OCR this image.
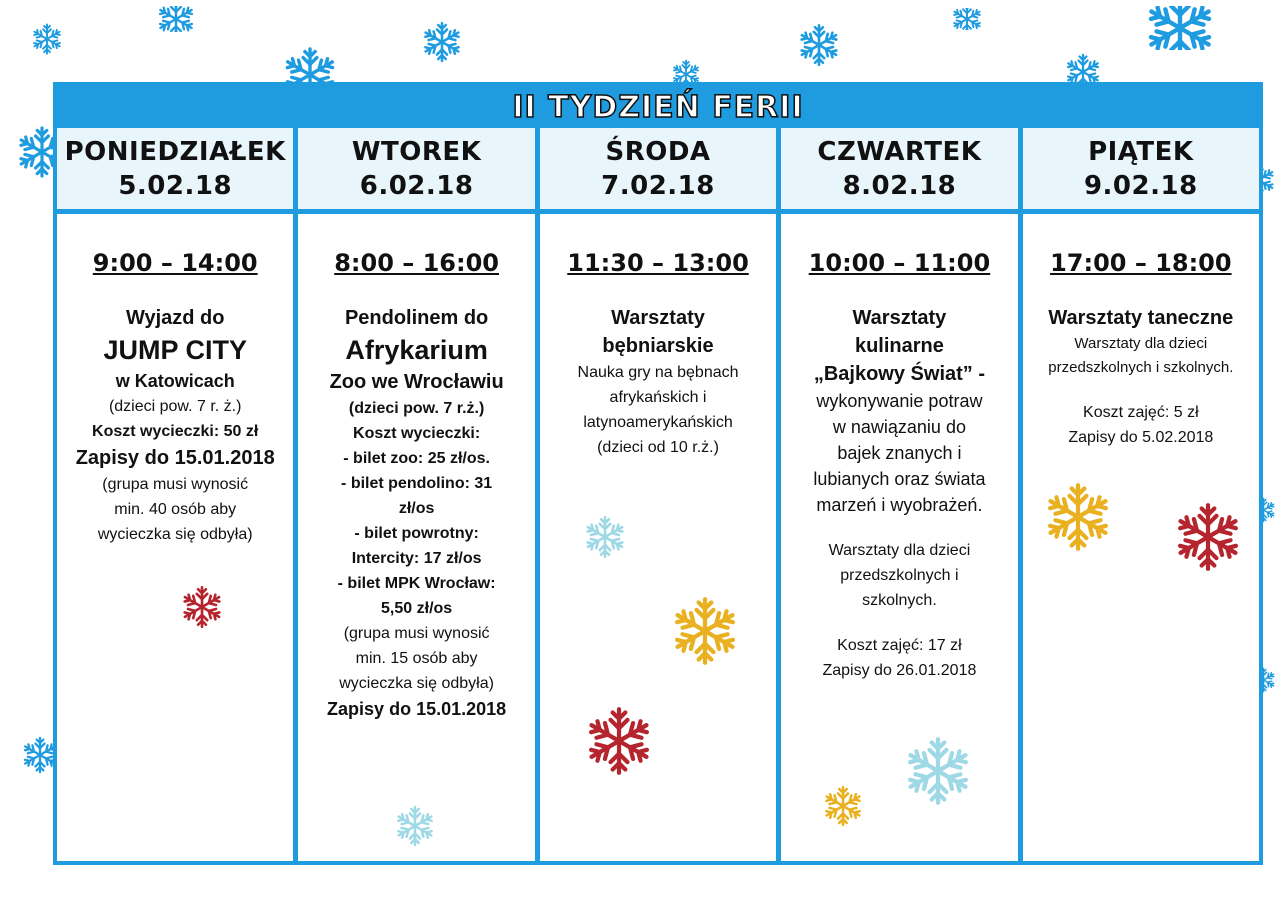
II TYDZIEŃ FERII
PONIEDZIAŁEK
5.02.18
9:00 – 14:00

Wyjazd do

JUMP CITY

w Katowicach

(dzieci pow. 7 r. ż.)

Koszt wycieczki: 50 zł

Zapisy do 15.01.2018

(grupa musi wynosić

min. 40 osób aby

wycieczka się odbyła)

WTOREK
6.02.18
8:00 – 16:00

Pendolinem do

Afrykarium

Zoo we Wrocławiu

(dzieci pow. 7 r.ż.)

Koszt wycieczki:

- bilet zoo: 25 zł/os.

- bilet pendolino: 31

zł/os

- bilet powrotny:

Intercity: 17 zł/os

- bilet MPK Wrocław:

5,50 zł/os

(grupa musi wynosić

min. 15 osób aby

wycieczka się odbyła)

Zapisy do 15.01.2018

ŚRODA
7.02.18
11:30 – 13:00

Warsztaty

bębniarskie

Nauka gry na bębnach

afrykańskich i

latynoamerykańskich

(dzieci od 10 r.ż.)

CZWARTEK
8.02.18
10:00 – 11:00

Warsztaty

kulinarne

„Bajkowy Świat” -

wykonywanie potraw

w nawiązaniu do

bajek znanych i

lubianych oraz świata

marzeń i wyobrażeń.

Warsztaty dla dzieci

przedszkolnych i

szkolnych.

Koszt zajęć: 17 zł

Zapisy do 26.01.2018

PIĄTEK
9.02.18
17:00 – 18:00

Warsztaty taneczne

Warsztaty dla dzieci

przedszkolnych i szkolnych.

Koszt zajęć: 5 zł

Zapisy do 5.02.2018
